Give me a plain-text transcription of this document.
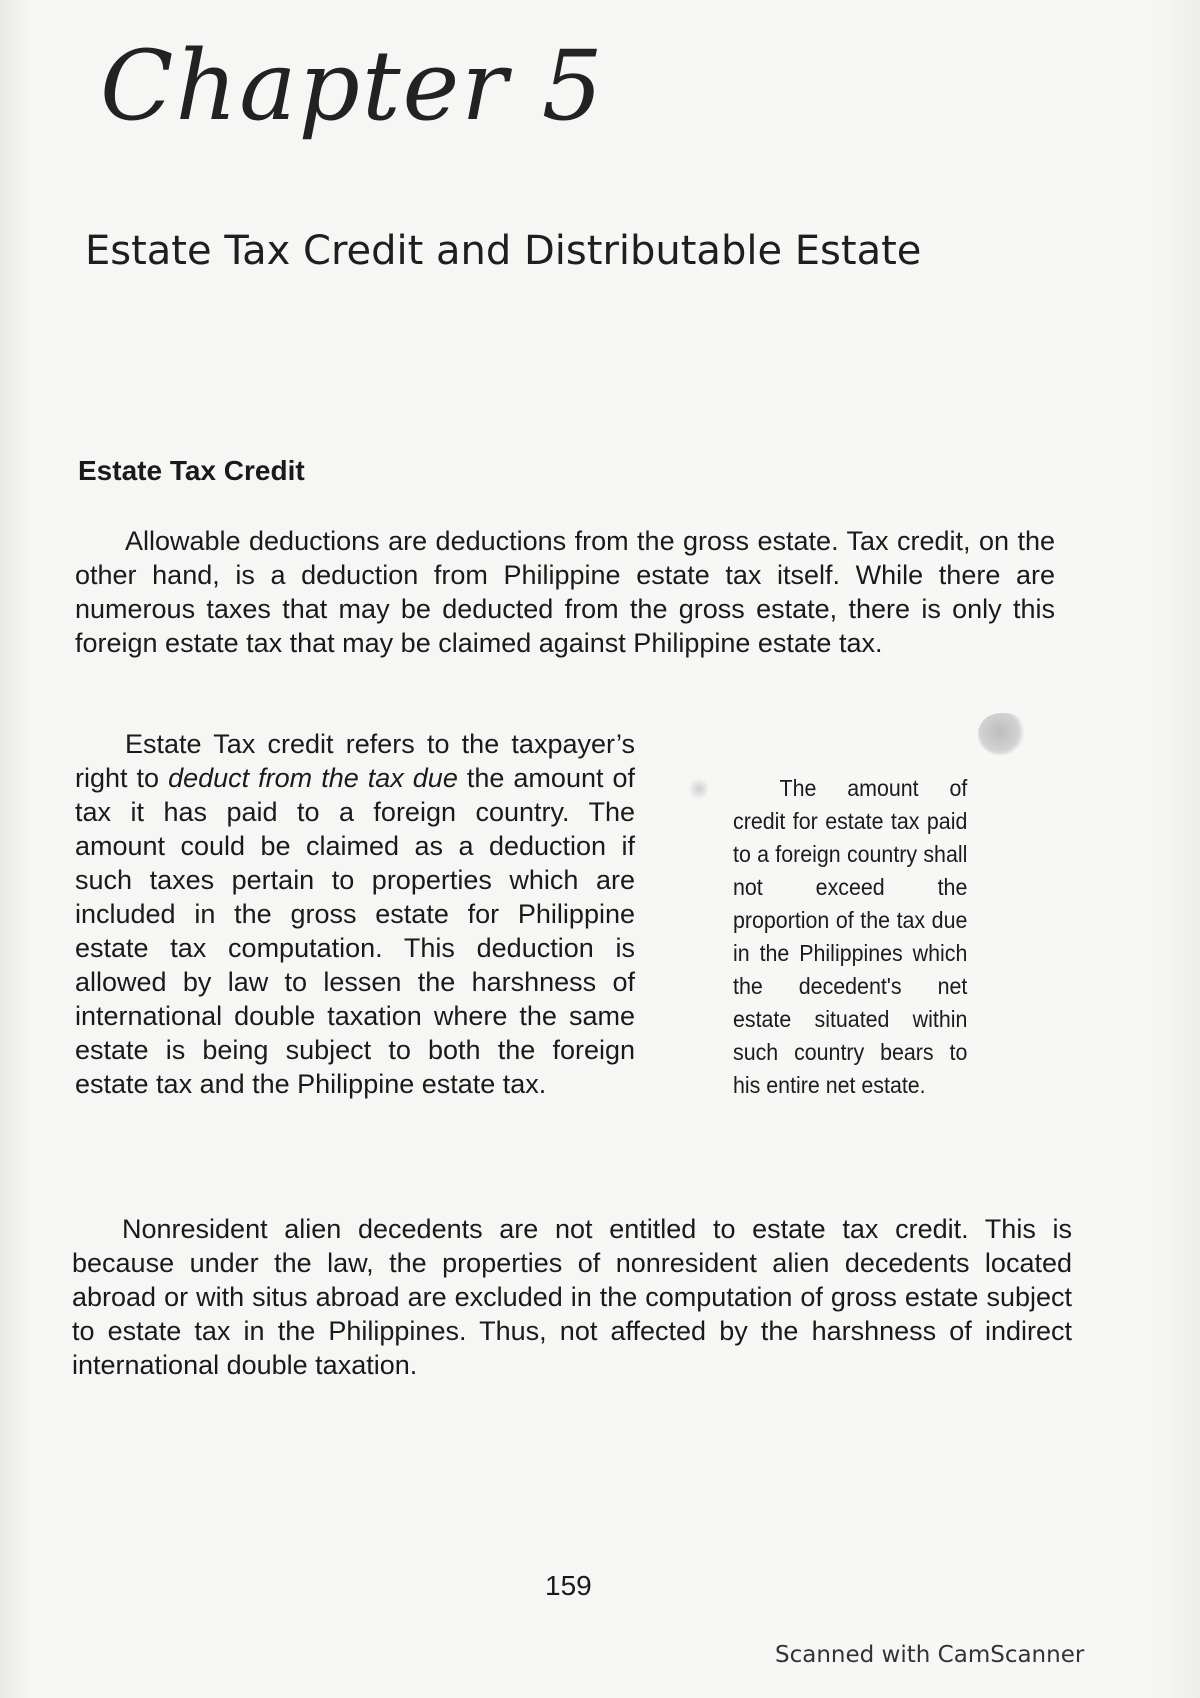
Chapter 5
Estate Tax Credit and Distributable Estate
Estate Tax Credit

Allowable deductions are deductions from the gross estate. Tax credit, on the other hand, is a deduction from Philippine estate tax itself. While there are numerous taxes that may be deducted from the gross estate, there is only this foreign estate tax that may be claimed against Philippine estate tax.

Estate Tax credit refers to the taxpayer’s right to deduct from the tax due the amount of tax it has paid to a foreign country. The amount could be claimed as a deduction if such taxes pertain to properties which are included in the gross estate for Philippine estate tax computation. This deduction is allowed by law to lessen the harshness of international double taxation where the same estate is being subject to both the foreign estate tax and the Philippine estate tax.

The amount of credit for estate tax paid to a foreign country shall not exceed the proportion of the tax due in the Philippines which the decedent's net estate situated within such country bears to his entire net estate.

Nonresident alien decedents are not entitled to estate tax credit. This is because under the law, the properties of nonresident alien decedents located abroad or with situs abroad are excluded in the computation of gross estate subject to estate tax in the Philippines. Thus, not affected by the harshness of indirect international double taxation.

159
Scanned with CamScanner
